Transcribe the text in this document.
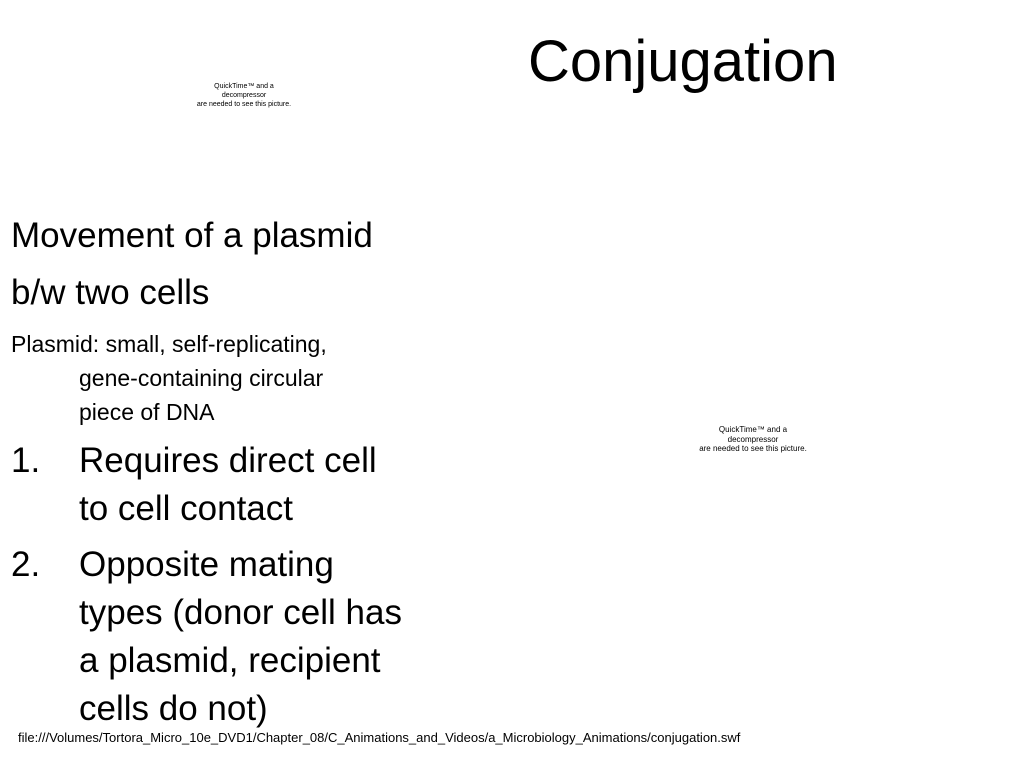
Conjugation
QuickTime™ and a
decompressor
are needed to see this picture.
QuickTime™ and a
decompressor
are needed to see this picture.
Movement of a plasmid
b/w two cells
Plasmid: small, self-replicating,
gene-containing circular
piece of DNA
1.	Requires direct cell
to cell contact
2.	Opposite mating
types (donor cell has
a plasmid, recipient
cells do not)
file:///Volumes/Tortora_Micro_10e_DVD1/Chapter_08/C_Animations_and_Videos/a_Microbiology_Animations/conjugation.swf
